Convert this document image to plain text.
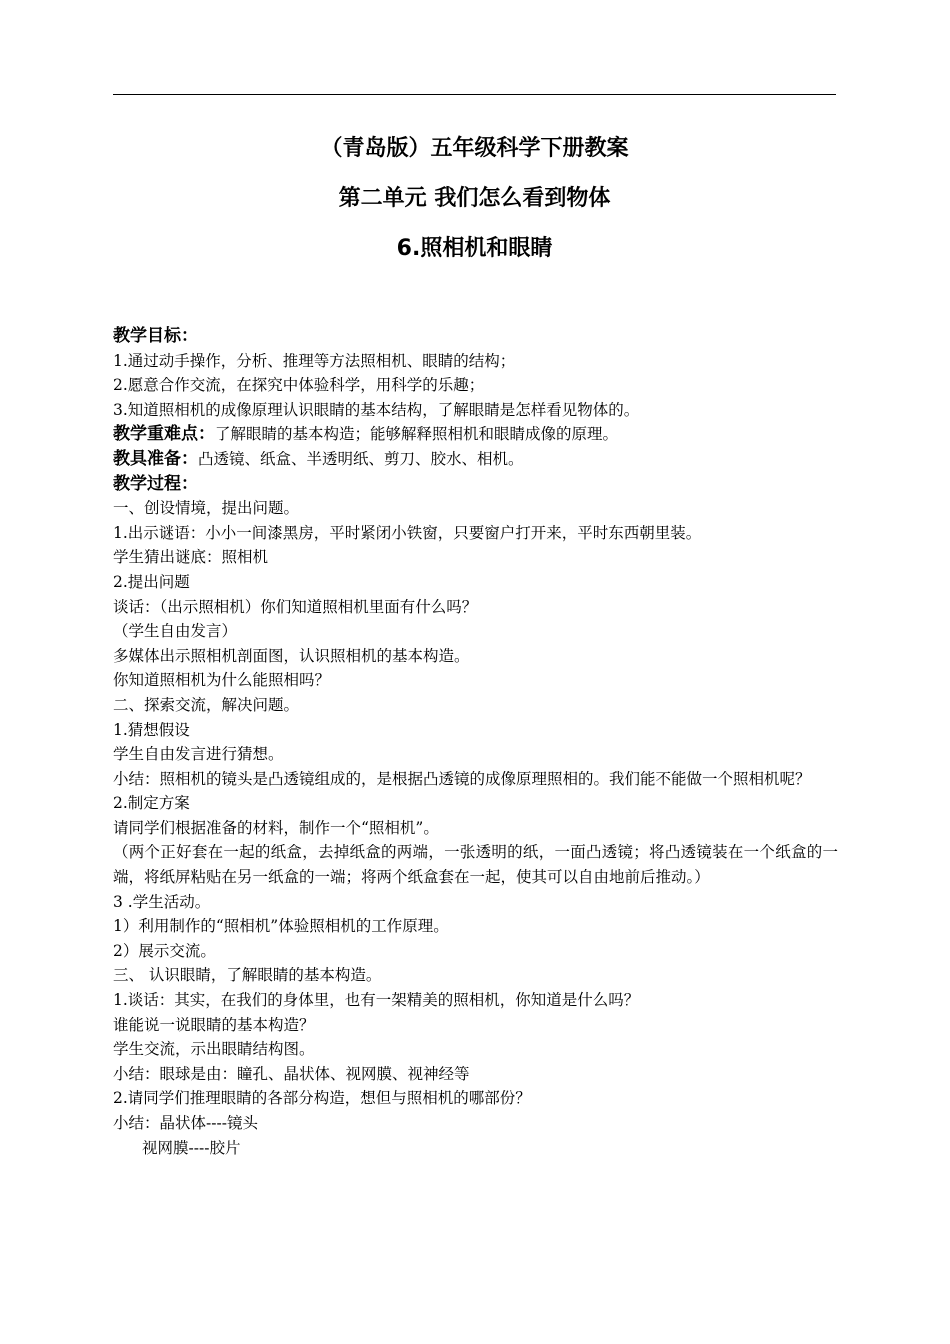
（青岛版）五年级科学下册教案
第二单元 我们怎么看到物体
6.照相机和眼睛
教学目标：
1.通过动手操作，分析、推理等方法照相机、眼睛的结构；
2.愿意合作交流，在探究中体验科学，用科学的乐趣；
3.知道照相机的成像原理认识眼睛的基本结构，了解眼睛是怎样看见物体的。
教学重难点：了解眼睛的基本构造；能够解释照相机和眼睛成像的原理。
教具准备：凸透镜、纸盒、半透明纸、剪刀、胶水、相机。
教学过程：
一、创设情境，提出问题。
1.出示谜语：小小一间漆黑房，平时紧闭小铁窗，只要窗户打开来，平时东西朝里装。
学生猜出谜底：照相机
2.提出问题
谈话：（出示照相机）你们知道照相机里面有什么吗？
（学生自由发言）
多媒体出示照相机剖面图，认识照相机的基本构造。
你知道照相机为什么能照相吗？
二、探索交流，解决问题。
1.猜想假设
学生自由发言进行猜想。
小结：照相机的镜头是凸透镜组成的，是根据凸透镜的成像原理照相的。我们能不能做一个照相机呢？
2.制定方案
请同学们根据准备的材料，制作一个“照相机”。
（两个正好套在一起的纸盒，去掉纸盒的两端，一张透明的纸，一面凸透镜；将凸透镜装在一个纸盒的一端，将纸屏粘贴在另一纸盒的一端；将两个纸盒套在一起，使其可以自由地前后推动。）
3 .学生活动。
1）利用制作的“照相机”体验照相机的工作原理。
2）展示交流。
三、 认识眼睛，了解眼睛的基本构造。
1.谈话：其实，在我们的身体里，也有一架精美的照相机，你知道是什么吗？
谁能说一说眼睛的基本构造？
学生交流，示出眼睛结构图。
小结：眼球是由：瞳孔、晶状体、视网膜、视神经等
2.请同学们推理眼睛的各部分构造，想但与照相机的哪部份？
小结：晶状体----镜头
视网膜----胶片
